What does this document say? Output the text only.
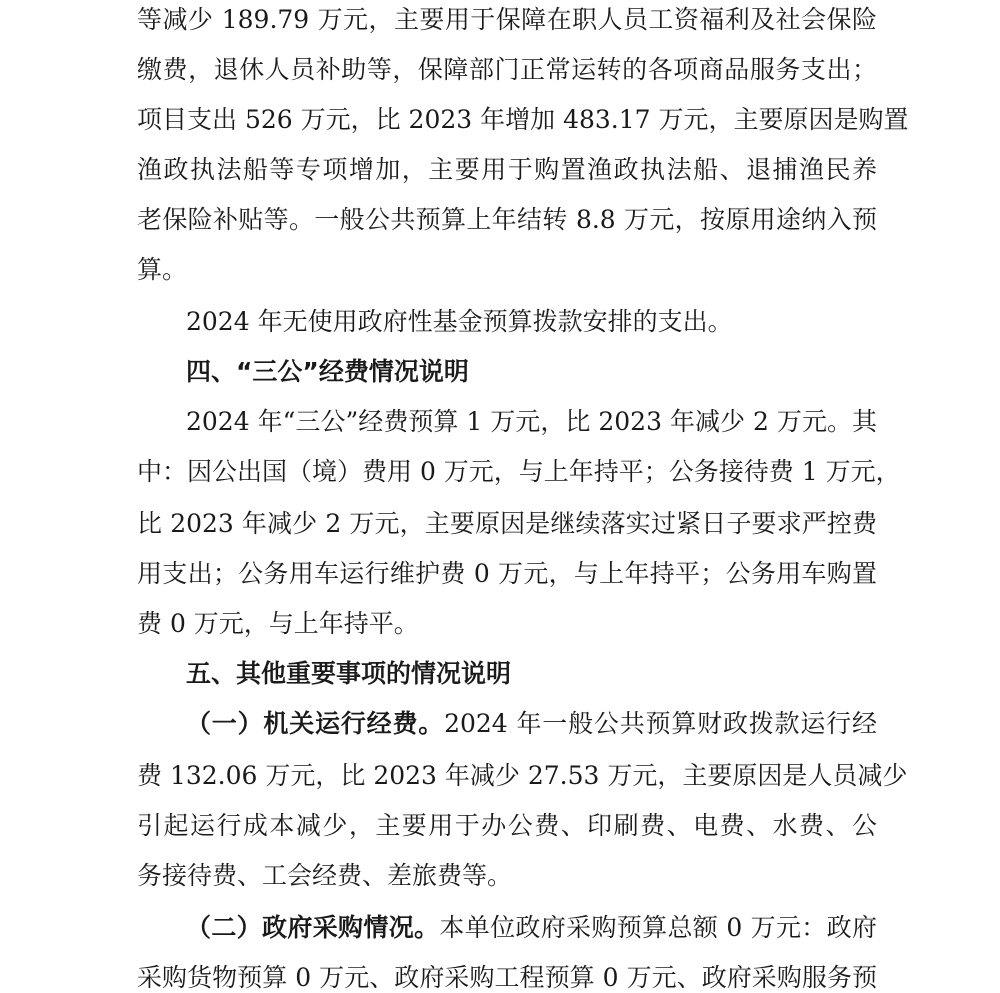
等减少 189.79 万元，主要用于保障在职人员工资福利及社会保险
缴费，退休人员补助等，保障部门正常运转的各项商品服务支出；
项目支出 526 万元，比 2023 年增加 483.17 万元，主要原因是购置
渔政执法船等专项增加，主要用于购置渔政执法船、退捕渔民养
老保险补贴等。一般公共预算上年结转 8.8 万元，按原用途纳入预
算。
2024 年无使用政府性基金预算拨款安排的支出。
四、“三公”经费情况说明
2024 年“三公”经费预算 1 万元，比 2023 年减少 2 万元。其
中：因公出国（境）费用 0 万元，与上年持平；公务接待费 1 万元，
比 2023 年减少 2 万元，主要原因是继续落实过紧日子要求严控费
用支出；公务用车运行维护费 0 万元，与上年持平；公务用车购置
费 0 万元，与上年持平。
五、其他重要事项的情况说明
（一）机关运行经费。2024 年一般公共预算财政拨款运行经
费 132.06 万元，比 2023 年减少 27.53 万元，主要原因是人员减少
引起运行成本减少，主要用于办公费、印刷费、电费、水费、公
务接待费、工会经费、差旅费等。
（二）政府采购情况。本单位政府采购预算总额 0 万元：政府
采购货物预算 0 万元、政府采购工程预算 0 万元、政府采购服务预
